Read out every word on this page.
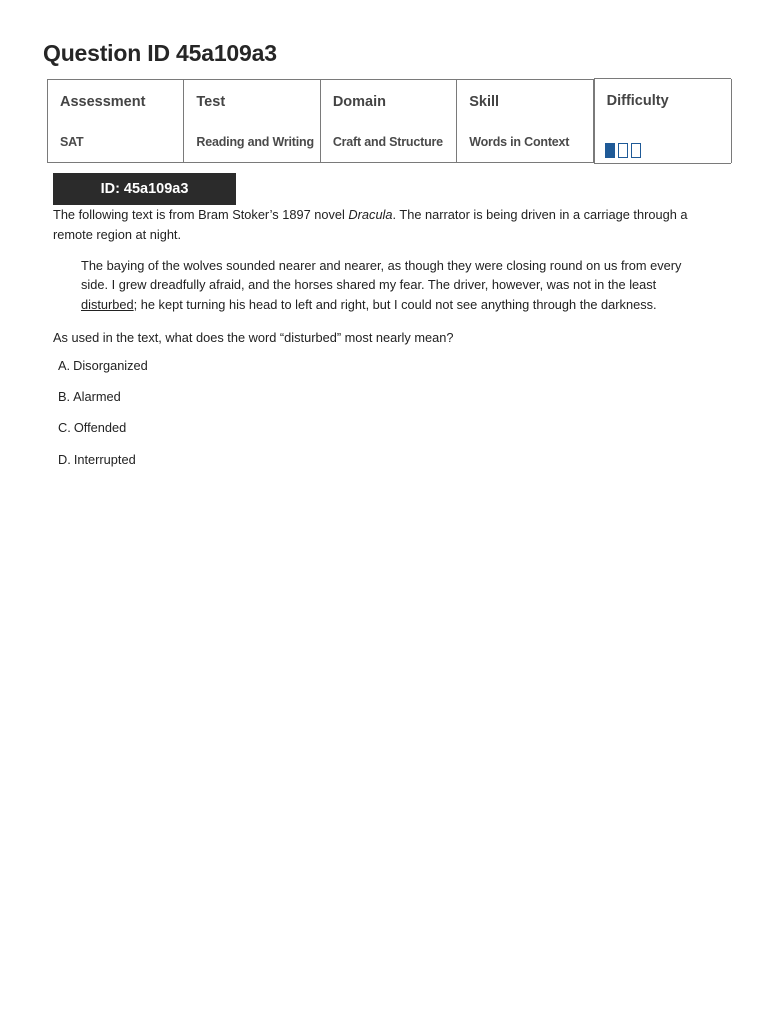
Question ID 45a109a3
Assessment
SAT
Test
Reading and Writing
Domain
Craft and Structure
Skill
Words in Context
Difficulty
ID: 45a109a3
The following text is from Bram Stoker’s 1897 novel Dracula. The narrator is being driven in a carriage through a remote region at night.
The baying of the wolves sounded nearer and nearer, as though they were closing round on us from every side. I grew dreadfully afraid, and the horses shared my fear. The driver, however, was not in the least disturbed; he kept turning his head to left and right, but I could not see anything through the darkness.
As used in the text, what does the word “disturbed” most nearly mean?
A. Disorganized
B. Alarmed
C. Offended
D. Interrupted
